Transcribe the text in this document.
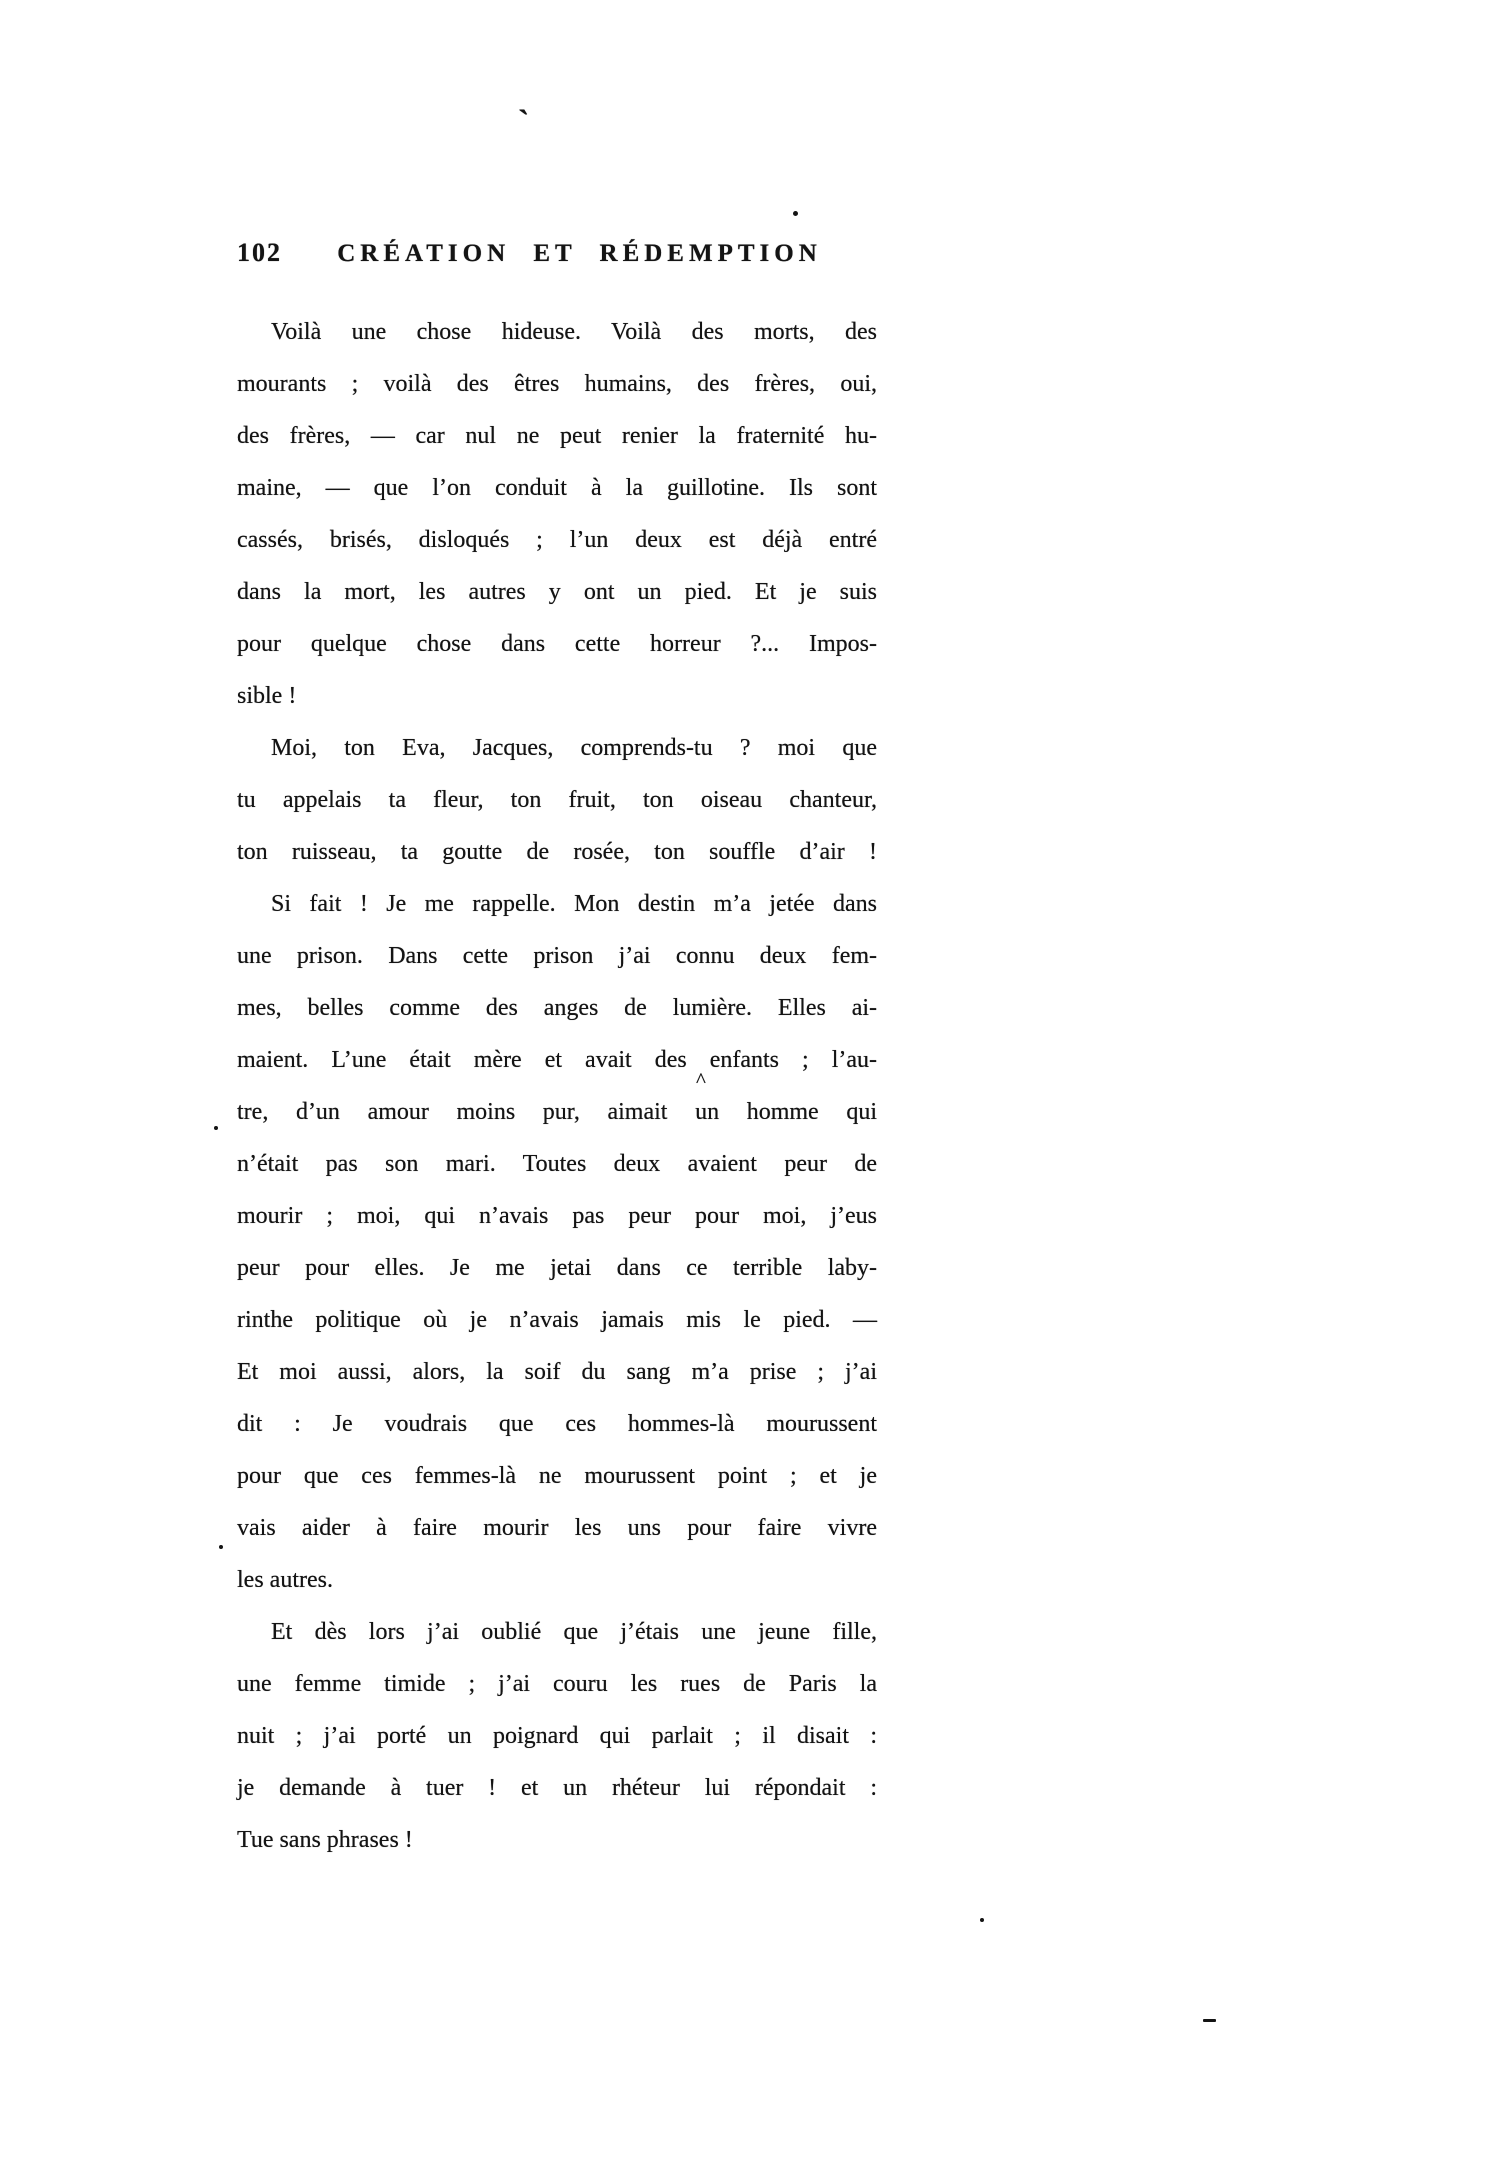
ˋ
102	CRÉATION ET RÉDEMPTION
Voilà une chose hideuse. Voilà des morts, des
mourants ; voilà des êtres humains, des frères, oui,
des frères, — car nul ne peut renier la fraternité hu-
maine, — que l’on conduit à la guillotine. Ils sont
cassés, brisés, disloqués ; l’un deux est déjà entré
dans la mort, les autres y ont un pied. Et je suis
pour quelque chose dans cette horreur ?... Impos-
sible !
Moi, ton Eva, Jacques, comprends-tu ? moi que
tu appelais ta fleur, ton fruit, ton oiseau chanteur,
ton ruisseau, ta goutte de rosée, ton souffle d’air !
Si fait ! Je me rappelle. Mon destin m’a jetée dans
une prison. Dans cette prison j’ai connu deux fem-
mes, belles comme des anges de lumière. Elles ai-
maient. L’une était mère et avait des enfants ; l’au-
tre, d’un amour moins pur, aimait un homme qui
n’était pas son mari. Toutes deux avaient peur de
mourir ; moi, qui n’avais pas peur pour moi, j’eus
peur pour elles. Je me jetai dans ce terrible laby-
rinthe politique où je n’avais jamais mis le pied. —
Et moi aussi, alors, la soif du sang m’a prise ; j’ai
dit : Je voudrais que ces hommes-là mourussent
pour que ces femmes-là ne mourussent point ; et je
vais aider à faire mourir les uns pour faire vivre
les autres.
Et dès lors j’ai oublié que j’étais une jeune fille,
une femme timide ; j’ai couru les rues de Paris la
nuit ; j’ai porté un poignard qui parlait ; il disait :
je demande à tuer ! et un rhéteur lui répondait :
Tue sans phrases !
^
